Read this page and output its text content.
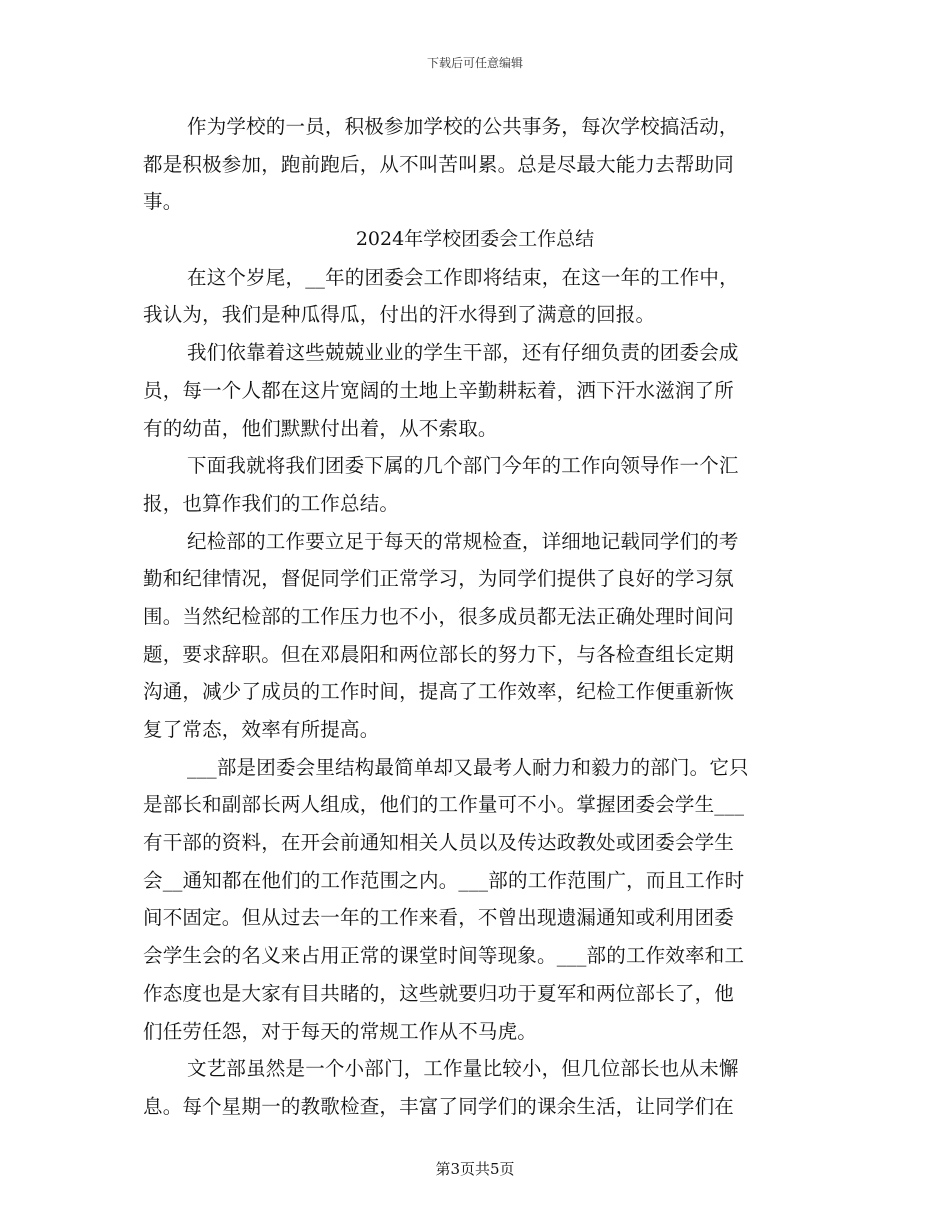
下载后可任意编辑
作为学校的一员，积极参加学校的公共事务，每次学校搞活动，
都是积极参加，跑前跑后，从不叫苦叫累。总是尽最大能力去帮助同
事。
2024年学校团委会工作总结
在这个岁尾，__年的团委会工作即将结束，在这一年的工作中，
我认为，我们是种瓜得瓜，付出的汗水得到了满意的回报。
我们依靠着这些兢兢业业的学生干部，还有仔细负责的团委会成
员，每一个人都在这片宽阔的土地上辛勤耕耘着，洒下汗水滋润了所
有的幼苗，他们默默付出着，从不索取。
下面我就将我们团委下属的几个部门今年的工作向领导作一个汇
报，也算作我们的工作总结。
纪检部的工作要立足于每天的常规检查，详细地记载同学们的考
勤和纪律情况，督促同学们正常学习，为同学们提供了良好的学习氛
围。当然纪检部的工作压力也不小，很多成员都无法正确处理时间问
题，要求辞职。但在邓晨阳和两位部长的努力下，与各检查组长定期
沟通，减少了成员的工作时间，提高了工作效率，纪检工作便重新恢
复了常态，效率有所提高。
___部是团委会里结构最简单却又最考人耐力和毅力的部门。它只
是部长和副部长两人组成，他们的工作量可不小。掌握团委会学生___
有干部的资料，在开会前通知相关人员以及传达政教处或团委会学生
会__通知都在他们的工作范围之内。___部的工作范围广，而且工作时
间不固定。但从过去一年的工作来看，不曾出现遗漏通知或利用团委
会学生会的名义来占用正常的课堂时间等现象。___部的工作效率和工
作态度也是大家有目共睹的，这些就要归功于夏军和两位部长了，他
们任劳任怨，对于每天的常规工作从不马虎。
文艺部虽然是一个小部门，工作量比较小，但几位部长也从未懈
息。每个星期一的教歌检查，丰富了同学们的课余生活，让同学们在
第3页共5页
